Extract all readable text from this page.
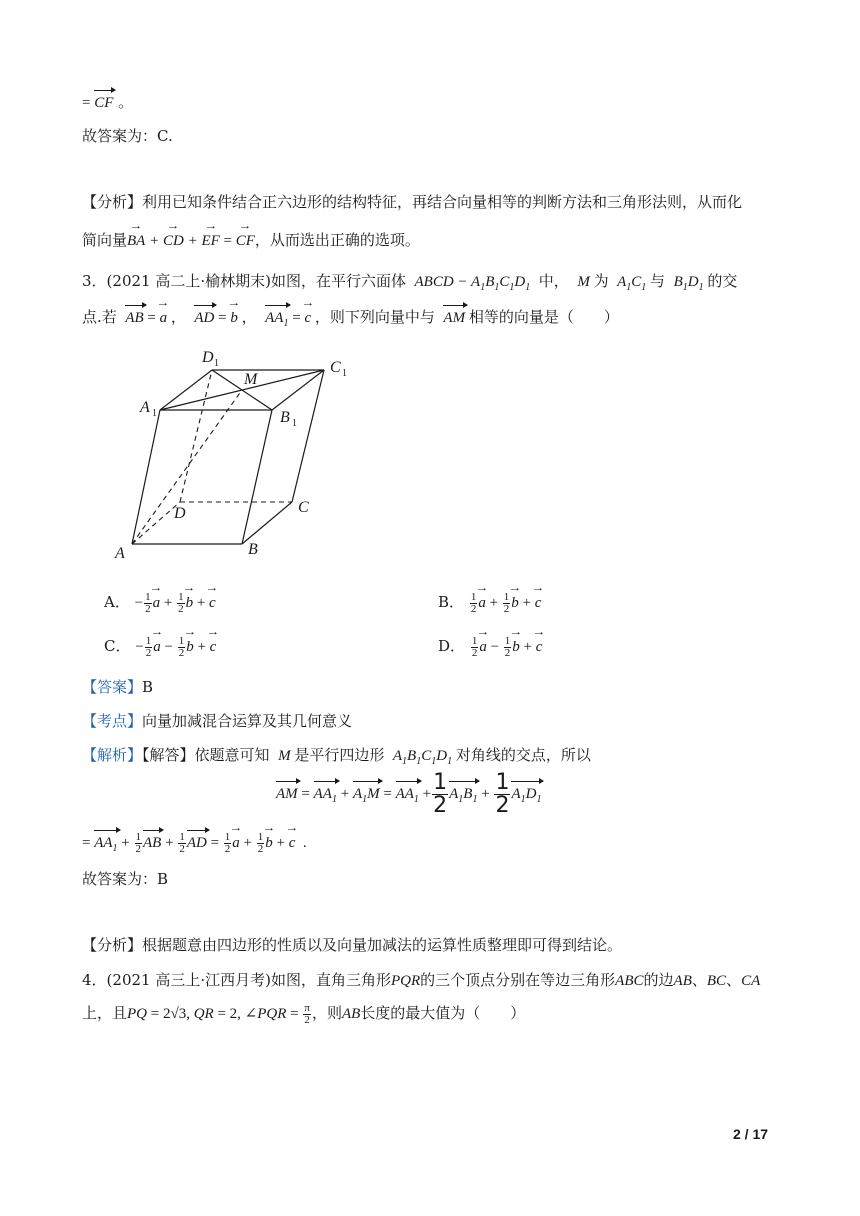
= CF 。
故答案为：C.
【分析】利用已知条件结合正六边形的结构特征，再结合向量相等的判断方法和三角形法则，从而化
简向量→ BA + → CD + → EF = → CF，从而选出正确的选项。
3．(2021 高二上·榆林期末)如图，在平行六面体  ABCD − $A_1B_1C_1D_1$ 中，  M 为  $A_1C_1$ 与  $B_1D_1$ 的交
点.若 AB = → a ，  AD = → b ，  $AA_1$ = → c ，则下列向量中与 AM 相等的向量是（　　）
A	B
C
D
A
B
C
D
M
1
1
1
1
A． − $\frac{1}{2}$
→ $a + \frac{1}{2}$
→ b + → c	B． $\frac{1}{2}$
→ $a + \frac{1}{2}$
→ b + → c
C． − $\frac{1}{2}$
→ $a - \frac{1}{2}$
→ b + → c	D． $\frac{1}{2}$
→ $a - \frac{1}{2}$
→ b + → c
【答案】B
【考点】向量加减混合运算及其几何意义
【解析】【解答】依题意可知  M 是平行四边形  $A_1B_1C_1D_1$ 对角线的交点，所以
AM = $AA_1 + A_1M = AA_1 + \frac{1}{2} A_1B_1 + \frac{1}{2} A_1D_1$
= $AA_1 + \frac{1}{2}$ AB + $\frac{1}{2}$ AD = $\frac{1}{2}$
→ $a + \frac{1}{2}$
→ b + → c  .
故答案为：B
【分析】根据题意由四边形的性质以及向量加减法的运算性质整理即可得到结论。
4．(2021 高三上·江西月考)如图，直角三角形PQR的三个顶点分别在等边三角形ABC的边AB、BC、CA
上，且PQ = 2√3, QR = 2, ∠PQR = $\frac{\pi}{2}$ ，则AB长度的最大值为（　　）
2 / 17
